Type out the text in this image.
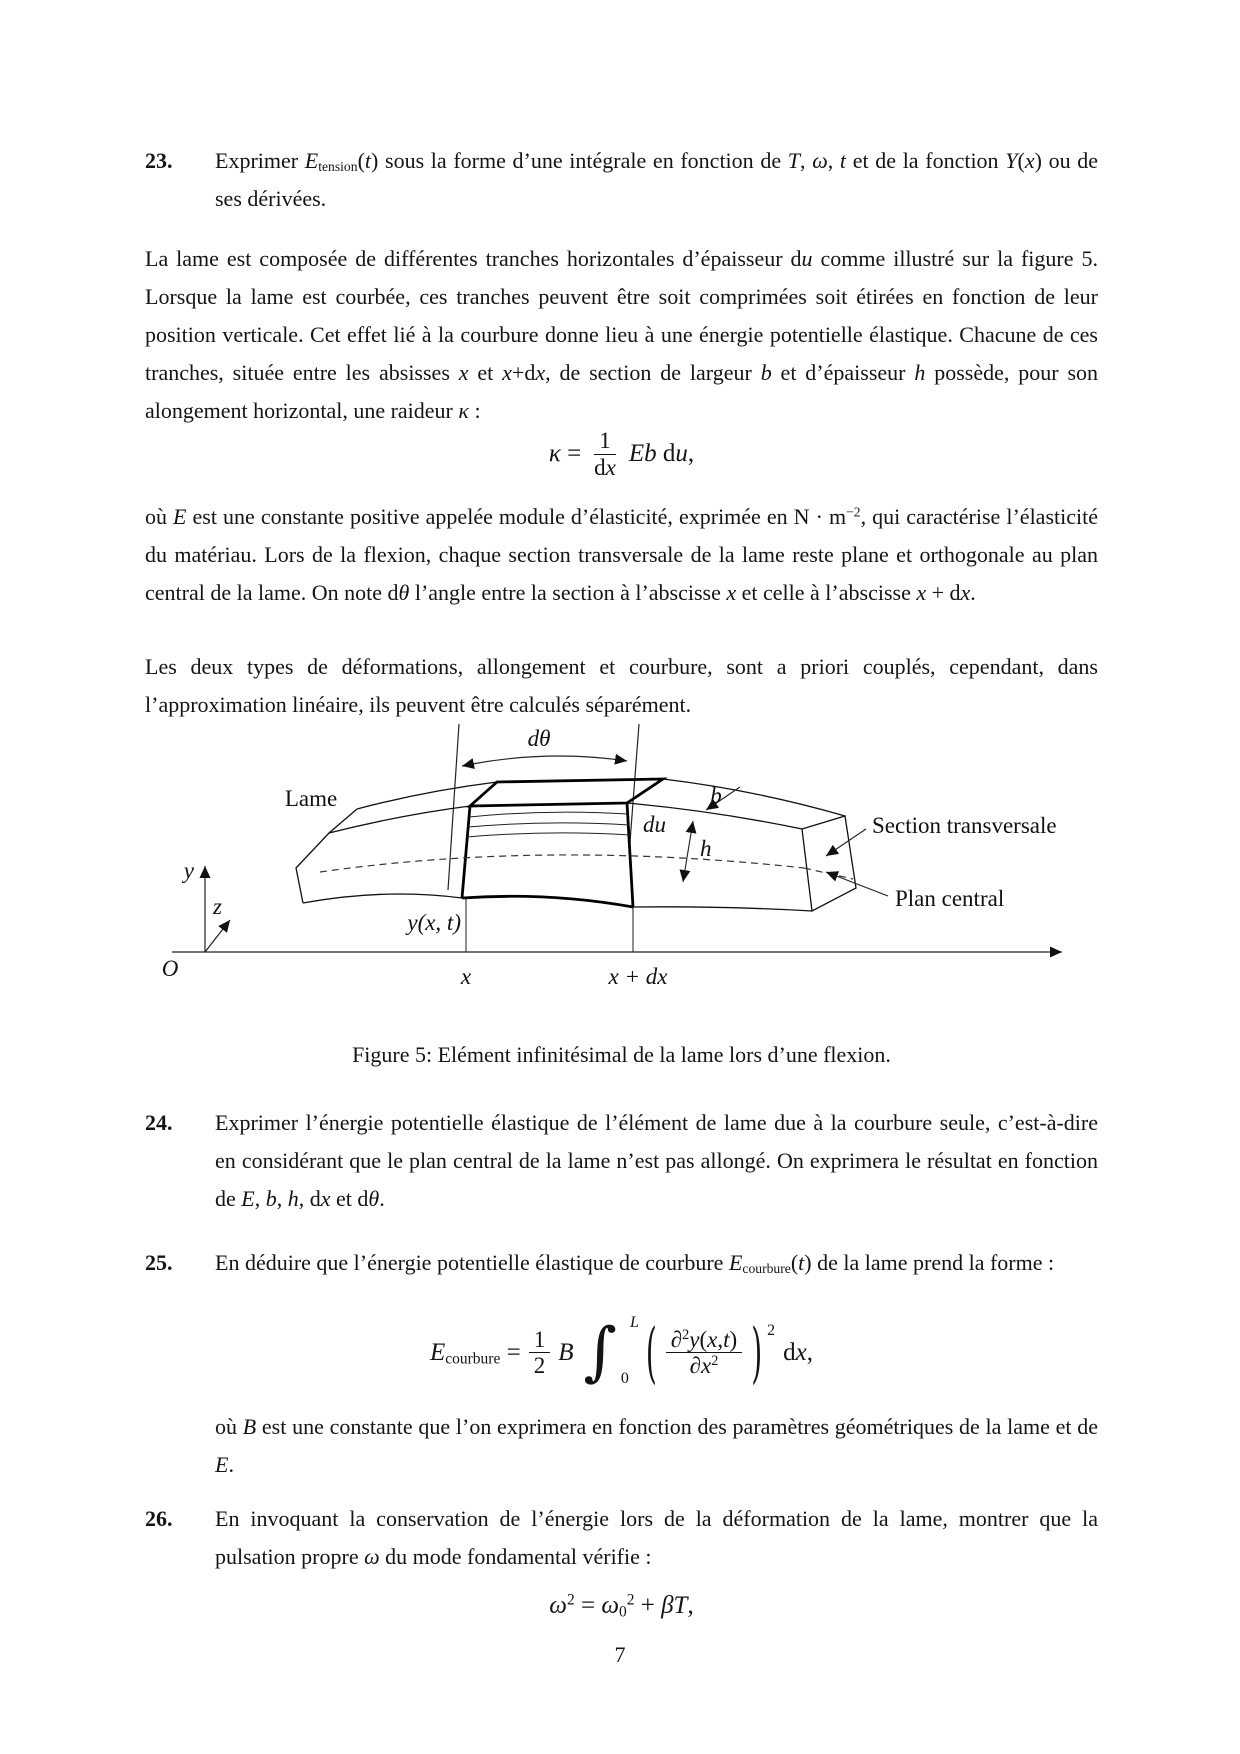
23.	Exprimer $E_{tension}(t)$ sous la forme d’une intégrale en fonction de T, ω, t et de la fonction Y(x) ou de ses dérivées.

La lame est composée de différentes tranches horizontales d’épaisseur du comme illustré sur la figure 5. Lorsque la lame est courbée, ces tranches peuvent être soit comprimées soit étirées en fonction de leur position verticale. Cet effet lié à la courbure donne lieu à une énergie potentielle élastique. Chacune de ces tranches, située entre les absisses x et x+dx, de section de largeur b et d’épaisseur h possède, pour son alongement horizontal, une raideur κ :

$\kappa = \frac{1}{dx}$ Eb du,

où E est une constante positive appelée module d’élasticité, exprimée en $N \cdot m^{-2}$, qui caractérise l’élasticité du matériau. Lors de la flexion, chaque section transversale de la lame reste plane et orthogonale au plan central de la lame. On note dθ l’angle entre la section à l’abscisse x et celle à l’abscisse x + dx.

Les deux types de déformations, allongement et courbure, sont a priori couplés, cependant, dans l’approximation linéaire, ils peuvent être calculés séparément.

y
z
O	x	x + dx
y(x, t)
dθ
du
h
b
Lame
Section transversale
Plan central
Figure 5: Elément infinitésimal de la lame lors d’une flexion.
24.	Exprimer l’énergie potentielle élastique de l’élément de lame due à la courbure seule, c’est-à-dire en considérant que le plan central de la lame n’est pas allongé. On exprimera le résultat en fonction de E, b, h, dx et dθ.
25.	En déduire que l’énergie potentielle élastique de courbure $E_{courbure}(t)$ de la lame prend la forme :
$E_{courbure} = \frac{1}{2}$ B ∫ L
0 ( $\frac{\partial^2y(x,t)}{\partial x^2}$ ) 2
dx,

où B est une constante que l’on exprimera en fonction des paramètres géométriques de la lame et de E.

26.	En invoquant la conservation de l’énergie lors de la déformation de la lame, montrer que la pulsation propre ω du mode fondamental vérifie :
$\omega^2 = \omega_0^2 + \beta T$,
7
